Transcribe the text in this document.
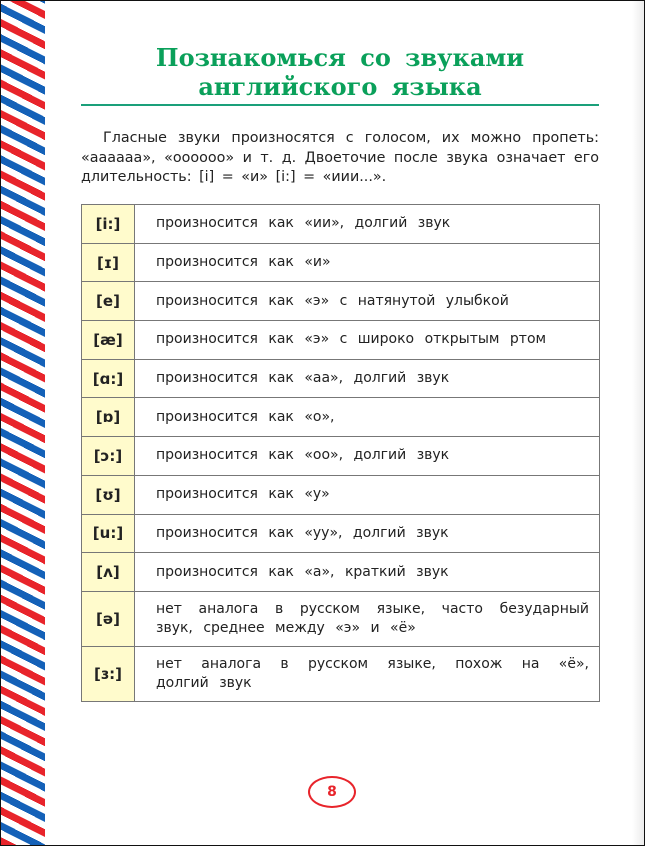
Познакомься со звуками
английского языка

Гласные звуки произносятся с голосом, их можно пропеть: «аааааа», «оооооо» и т. д. Двоеточие после звука означает его длительность: [i] = «и» [i:] = «иии...».

[i:]	произносится как «ии», долгий звук
[ɪ]	произносится как «и»
[e]	произносится как «э» с натянутой улыбкой
[æ]	произносится как «э» с широко открытым ртом
[ɑ:]	произносится как «аа», долгий звук
[ɒ]	произносится как «о»,
[ɔ:]	произносится как «оо», долгий звук
[ʊ]	произносится как «у»
[u:]	произносится как «уу», долгий звук
[ʌ]	произносится как «а», краткий звук
[ə]	нет аналога в русском языке, часто безударный звук, среднее между «э» и «ё»
[ɜ:]	нет аналога в русском языке, похож на «ё», долгий звук
8
